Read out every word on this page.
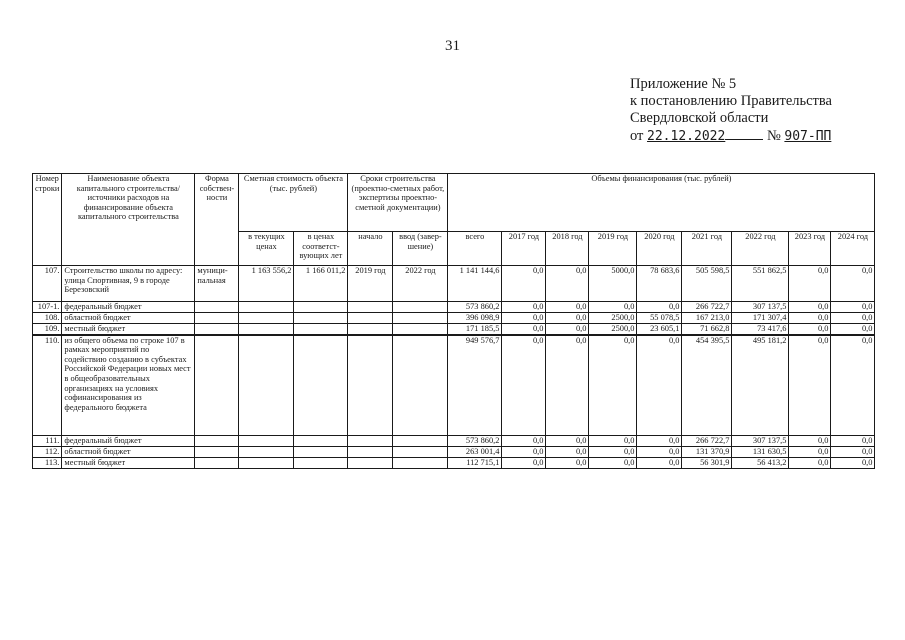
31
Приложение № 5
к постановлению Правительства
Свердловской области
от 22.12.2022	№ 907-ПП
Номер строки	Наименование объекта капитального строительства/ источники расходов на финансирование объекта капитального строительства	Форма собствен-ности	Сметная стоимость объекта (тыс. рублей)		Сроки строительства (проектно-сметных работ, экспертизы проектно-сметной документации)		Объемы финансирования (тыс. рублей)								
			в текущих ценах	в ценах соответст-вующих лет	начало	ввод (завер-шение)	всего	2017 год	2018 год	2019 год	2020 год	2021 год	2022 год	2023 год	2024 год
107.	Строительство школы по адресу: улица Спортивная, 9 в городе Березовский	муници-пальная	1 163 556,2	1 166 011,2	2019 год	2022 год	1 141 144,6	0,0	0,0	5000,0	78 683,6	505 598,5	551 862,5	0,0	0,0
107-1.	федеральный бюджет						573 860,2	0,0	0,0	0,0	0,0	266 722,7	307 137,5	0,0	0,0
108.	областной бюджет						396 098,9	0,0	0,0	2500,0	55 078,5	167 213,0	171 307,4	0,0	0,0
109.	местный бюджет						171 185,5	0,0	0,0	2500,0	23 605,1	71 662,8	73 417,6	0,0	0,0
110.	из общего объема по строке 107 в рамках мероприятий по содействию созданию в субъектах Российской Федерации новых мест в общеобразовательных организациях на условиях софинансирования из федерального бюджета						949 576,7	0,0	0,0	0,0	0,0	454 395,5	495 181,2	0,0	0,0
111.	федеральный бюджет						573 860,2	0,0	0,0	0,0	0,0	266 722,7	307 137,5	0,0	0,0
112.	областной бюджет						263 001,4	0,0	0,0	0,0	0,0	131 370,9	131 630,5	0,0	0,0
113.	местный бюджет						112 715,1	0,0	0,0	0,0	0,0	56 301,9	56 413,2	0,0	0,0
